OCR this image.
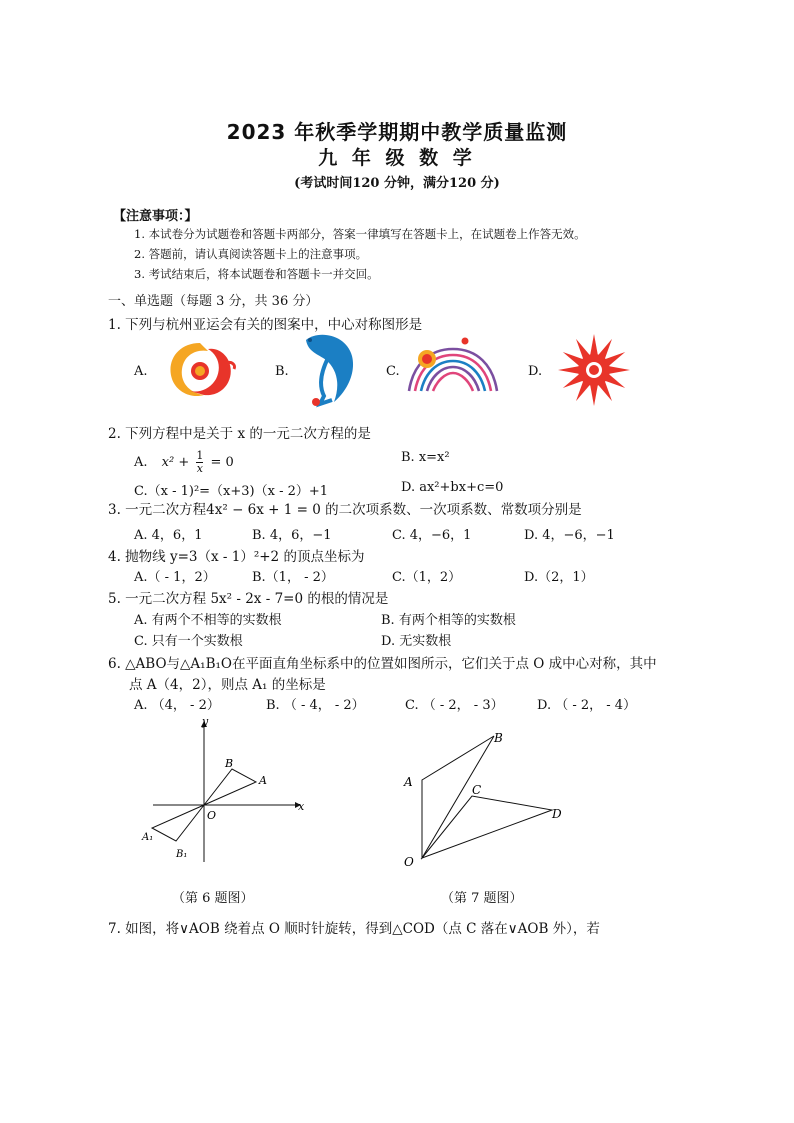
2023 年秋季学期期中教学质量监测
九 年 级 数 学
(考试时间120 分钟，满分120 分)
【注意事项：】
1. 本试卷分为试题卷和答题卡两部分，答案一律填写在答题卡上，在试题卷上作答无效。
2. 答题前，请认真阅读答题卡上的注意事项。
3. 考试结束后，将本试题卷和答题卡一并交回。
一、单选题（每题 3 分，共 36 分）
1. 下列与杭州亚运会有关的图案中，中心对称图形是
A.	B.	C.	D.
2. 下列方程中是关于 x 的一元二次方程的是
A. $x^2 + \frac{1}{x} = 0$	B. x=x²
C.（x - 1)²=（x+3)（x - 2）+1	D. ax²+bx+c=0
3. 一元二次方程4x² − 6x + 1 = 0 的二次项系数、一次项系数、常数项分别是
A. 4，6，1	B. 4，6，−1	C. 4，−6，1	D. 4，−6，−1
4. 抛物线 y=3（x - 1）²+2 的顶点坐标为
A.（ - 1，2）	B.（1， - 2）	C.（1，2）	D.（2，1）
5. 一元二次方程 5x² - 2x - 7=0 的根的情况是
A. 有两个不相等的实数根	B. 有两个相等的实数根
C. 只有一个实数根	D. 无实数根
6. △ABO与△A₁B₁O在平面直角坐标系中的位置如图所示，它们关于点 O 成中心对称，其中
点 A（4，2），则点 A₁ 的坐标是
A. （4， - 2）	B. （ - 4， - 2）	C. （ - 2， - 3）	D. （ - 2， - 4）
y
x
O
A
B
A₁
B₁
（第 6 题图）
A
B
C
D
O
（第 7 题图）
7. 如图，将∨AOB 绕着点 O 顺时针旋转，得到△COD（点 C 落在∨AOB 外），若
